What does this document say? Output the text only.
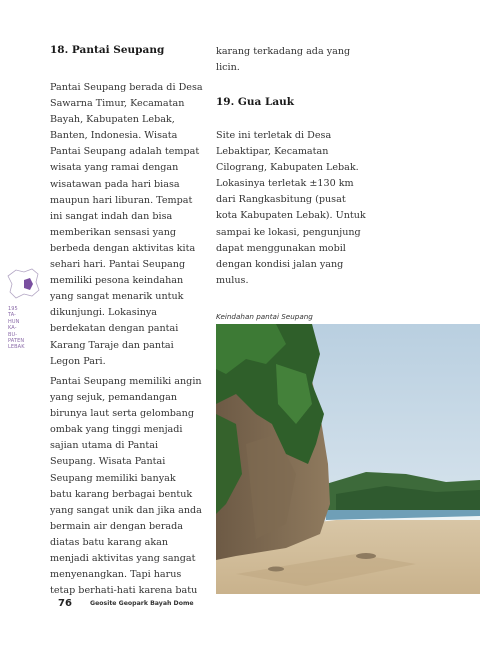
18. Pantai Seupang
Pantai Seupang berada di Desa
Sawarna Timur, Kecamatan
Bayah, Kabupaten Lebak,
Banten, Indonesia. Wisata
Pantai Seupang adalah tempat
wisata yang ramai dengan
wisatawan pada hari biasa
maupun hari liburan. Tempat
ini sangat indah dan bisa
memberikan sensasi yang
berbeda dengan aktivitas kita
sehari hari. Pantai Seupang
memiliki pesona keindahan
yang sangat menarik untuk
dikunjungi. Lokasinya
berdekatan dengan pantai
Karang Taraje dan pantai
Legon Pari.
Pantai Seupang memiliki angin
yang sejuk, pemandangan
birunya laut serta gelombang
ombak yang tinggi menjadi
sajian utama di Pantai
Seupang. Wisata Pantai
Seupang memiliki banyak
batu karang berbagai bentuk
yang sangat unik dan jika anda
bermain air dengan berada
diatas batu karang akan
menjadi aktivitas yang sangat
menyenangkan. Tapi harus
tetap berhati-hati karena batu
karang terkadang ada yang
licin.
19. Gua Lauk
Site ini terletak di Desa
Lebaktipar, Kecamatan
Cilograng, Kabupaten Lebak.
Lokasinya terletak ±130 km
dari Rangkasbitung (pusat
kota Kabupaten Lebak). Untuk
sampai ke lokasi, pengunjung
dapat menggunakan mobil
dengan kondisi jalan yang
mulus.

Keindahan pantai Seupang

195
TA-
HUN
KA-
BU-
PATEN
LEBAK
76	Geosite Geopark Bayah Dome
